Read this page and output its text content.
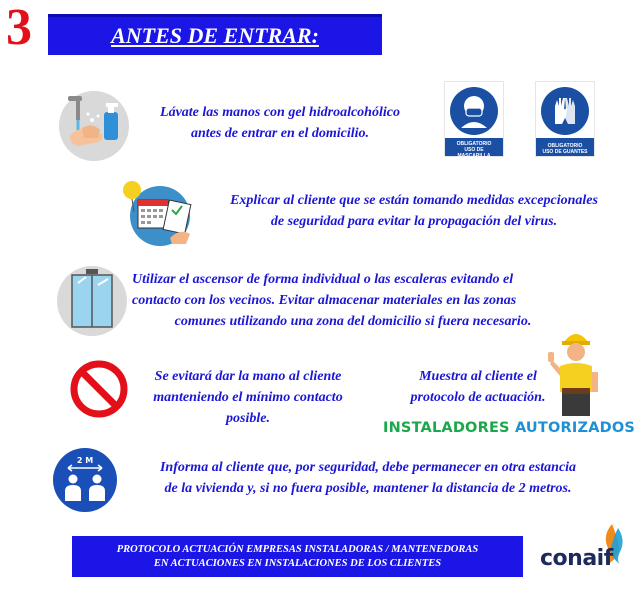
3	ANTES DE ENTRAR:
Lávate las manos con gel hidroalcohólico
antes de entrar en el domicilio.
OBLIGATORIO
USO DE
MASCARILLA
OBLIGATORIO
USO DE GUANTES
Explicar al cliente que se están tomando medidas excepcionales
de seguridad para evitar la propagación del virus.
Utilizar el ascensor de forma individual o las escaleras evitando el
contacto con los vecinos. Evitar almacenar materiales en las zonas
comunes utilizando una zona del domicilio si fuera necesario.
Se evitará dar la mano al cliente
manteniendo el mínimo contacto
posible.
Muestra al cliente el
protocolo de actuación.
INSTALADORES AUTORIZADOS
2 M	Informa al cliente que, por seguridad, debe permanecer en otra estancia
de la vivienda y, si no fuera posible, mantener la distancia de 2 metros.
PROTOCOLO ACTUACIÓN EMPRESAS INSTALADORAS / MANTENEDORAS
EN ACTUACIONES EN INSTALACIONES DE LOS CLIENTES	conaif
